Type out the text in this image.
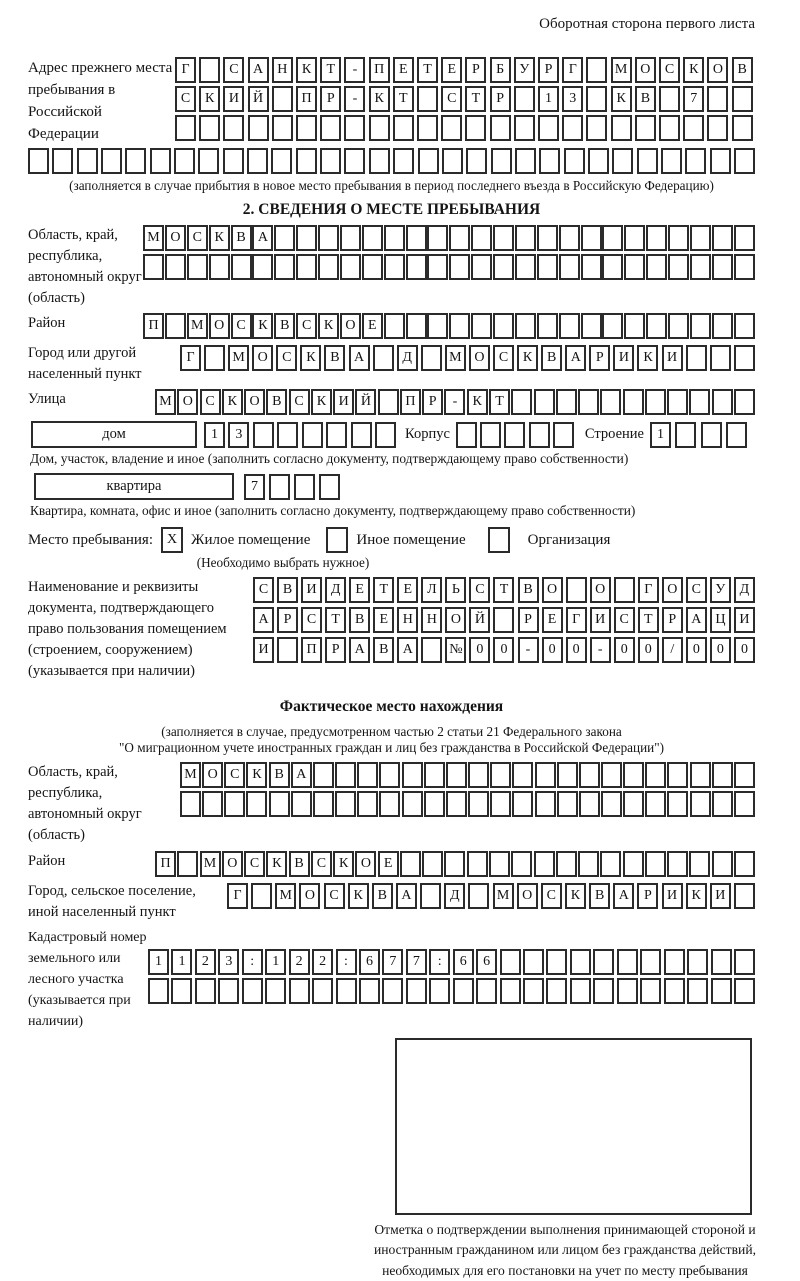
Оборотная сторона первого листа
Адрес прежнего места пребывания в Российской Федерации
Г	С	А	Н	К	Т	-	П	Е	Т	Е	Р	Б	У	Р	Г	М О	С	К	О	В
С	К	И	Й	П	Р	-	К	Т	С	Т	Р	1	3	К	В	7
(заполняется в случае прибытия в новое место пребывания в период последнего въезда в Российскую Федерацию)
2. СВЕДЕНИЯ О МЕСТЕ ПРЕБЫВАНИЯ
Область, край, республика, автономный округ (область)
М О С К В А
Район	П	М О С К В С К О Е
Город или другой населенный пункт
Г	М О	С	К	В	А	Д	М О	С	К	В	А	Р	И	К	И
Улица	М О С К О В С К И Й	П Р	-	К Т
дом	1	3	Корпус	Строение 1
Дом, участок, владение и иное (заполнить согласно документу, подтверждающему право собственности)
квартира	7
Квартира, комната, офис и иное (заполнить согласно документу, подтверждающему право собственности)
Место пребывания: X Жилое помещение	Иное помещение	Организация
(Необходимо выбрать нужное)
Наименование и реквизиты документа, подтверждающего право пользования помещением (строением, сооружением) (указывается при наличии)
С	В	И	Д	Е	Т	Е	Л	Ь	С	Т	В	О	О	Г	О	С	У	Д
А	Р	С	Т	В	Е	Н Н О Й	Р	Е	Г	И	С	Т	Р	А Ц И
И	П	Р	А	В	А	№ 0	0	-	0	0	-	0	0	/	0	0	0
Фактическое место нахождения
(заполняется в случае, предусмотренном частью 2 статьи 21 Федерального закона
"О миграционном учете иностранных граждан и лиц без гражданства в Российской Федерации")
Область, край, республика, автономный округ (область)
М О С К В А
Район	П	М О С К В С К О Е
Город, сельское поселение, иной населенный пункт
Г	М О	С	К	В	А	Д	М О	С	К	В	А	Р	И	К	И
Кадастровый номер земельного или лесного участка (указывается при наличии)
1	1	2	3	:	1	2	2	:	6	7	7	:	6	6
Отметка о подтверждении выполнения принимающей стороной и иностранным гражданином или лицом без гражданства действий, необходимых для его постановки на учет по месту пребывания
